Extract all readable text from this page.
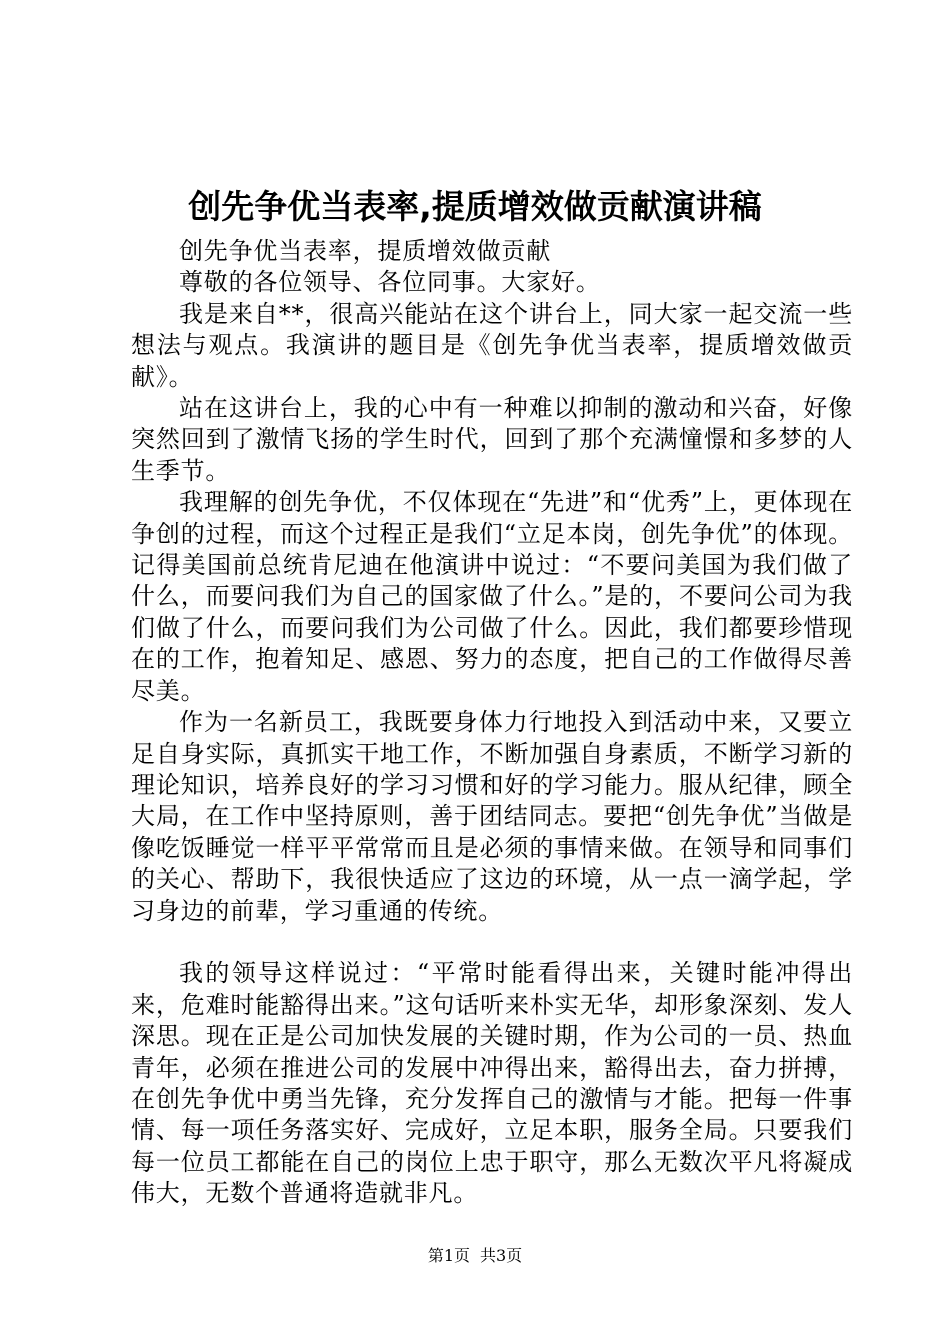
创先争优当表率,提质增效做贡献演讲稿

创先争优当表率，提质增效做贡献

尊敬的各位领导、各位同事。大家好。

我是来自**，很高兴能站在这个讲台上，同大家一起交流一些想法与观点。我演讲的题目是《创先争优当表率，提质增效做贡献》。

站在这讲台上，我的心中有一种难以抑制的激动和兴奋，好像突然回到了激情飞扬的学生时代，回到了那个充满憧憬和多梦的人生季节。

我理解的创先争优，不仅体现在“先进”和“优秀”上，更体现在争创的过程，而这个过程正是我们“立足本岗，创先争优”的体现。记得美国前总统肯尼迪在他演讲中说过：“不要问美国为我们做了什么，而要问我们为自己的国家做了什么。”是的，不要问公司为我们做了什么，而要问我们为公司做了什么。因此，我们都要珍惜现在的工作，抱着知足、感恩、努力的态度，把自己的工作做得尽善尽美。

作为一名新员工，我既要身体力行地投入到活动中来，又要立足自身实际，真抓实干地工作，不断加强自身素质，不断学习新的理论知识，培养良好的学习习惯和好的学习能力。服从纪律，顾全大局，在工作中坚持原则，善于团结同志。要把“创先争优”当做是像吃饭睡觉一样平平常常而且是必须的事情来做。在领导和同事们的关心、帮助下，我很快适应了这边的环境，从一点一滴学起，学习身边的前辈，学习重通的传统。

我的领导这样说过：“平常时能看得出来，关键时能冲得出来，危难时能豁得出来。”这句话听来朴实无华，却形象深刻、发人深思。现在正是公司加快发展的关键时期，作为公司的一员、热血青年，必须在推进公司的发展中冲得出来，豁得出去，奋力拼搏，在创先争优中勇当先锋，充分发挥自己的激情与才能。把每一件事情、每一项任务落实好、完成好，立足本职，服务全局。只要我们每一位员工都能在自己的岗位上忠于职守，那么无数次平凡将凝成伟大，无数个普通将造就非凡。

第1页 共3页
